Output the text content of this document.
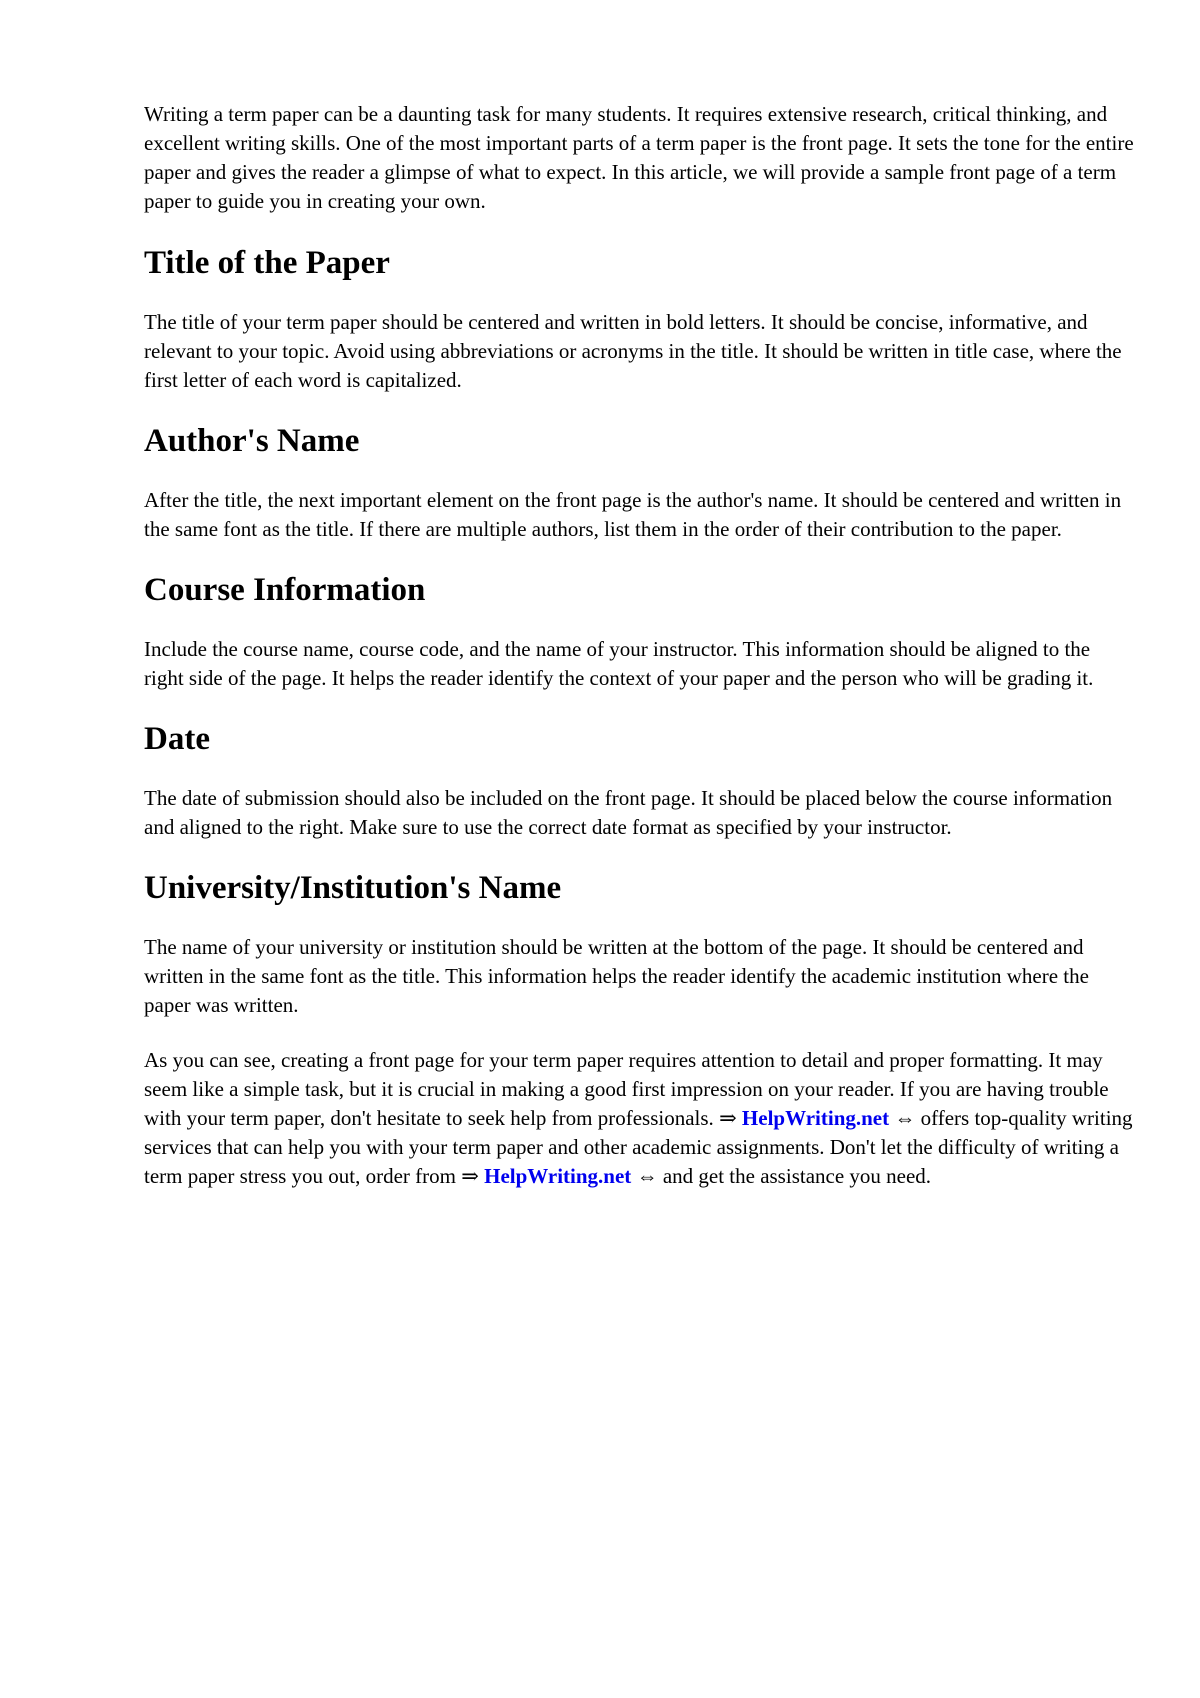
Writing a term paper can be a daunting task for many students. It requires extensive research, critical thinking, and excellent writing skills. One of the most important parts of a term paper is the front page. It sets the tone for the entire paper and gives the reader a glimpse of what to expect. In this article, we will provide a sample front page of a term paper to guide you in creating your own.

Title of the Paper

The title of your term paper should be centered and written in bold letters. It should be concise, informative, and relevant to your topic. Avoid using abbreviations or acronyms in the title. It should be written in title case, where the first letter of each word is capitalized.

Author's Name

After the title, the next important element on the front page is the author's name. It should be centered and written in the same font as the title. If there are multiple authors, list them in the order of their contribution to the paper.

Course Information

Include the course name, course code, and the name of your instructor. This information should be aligned to the right side of the page. It helps the reader identify the context of your paper and the person who will be grading it.

Date

The date of submission should also be included on the front page. It should be placed below the course information and aligned to the right. Make sure to use the correct date format as specified by your instructor.

University/Institution's Name

The name of your university or institution should be written at the bottom of the page. It should be centered and written in the same font as the title. This information helps the reader identify the academic institution where the paper was written.

As you can see, creating a front page for your term paper requires attention to detail and proper formatting. It may seem like a simple task, but it is crucial in making a good first impression on your reader. If you are having trouble with your term paper, don't hesitate to seek help from professionals. ⇒ HelpWriting.net ⇔ offers top-quality writing services that can help you with your term paper and other academic assignments. Don't let the difficulty of writing a term paper stress you out, order from ⇒ HelpWriting.net ⇔ and get the assistance you need.
